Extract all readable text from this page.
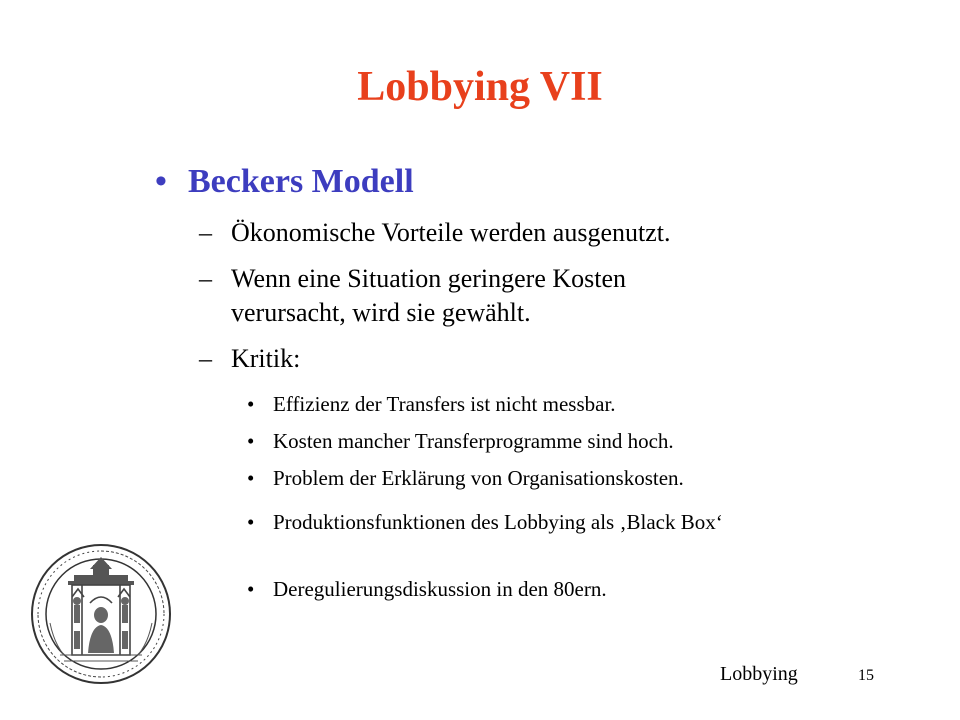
Lobbying VII
• Beckers Modell
– Ökonomische Vorteile werden ausgenutzt.
– Wenn eine Situation geringere Kosten verursacht, wird sie gewählt.
– Kritik:
• Effizienz der Transfers ist nicht messbar.
• Kosten mancher Transferprogramme sind hoch.
• Problem der Erklärung von Organisationskosten.
• Produktionsfunktionen des Lobbying als ‚Black Box‘
• Deregulierungsdiskussion in den 80ern.
Lobbying	15
